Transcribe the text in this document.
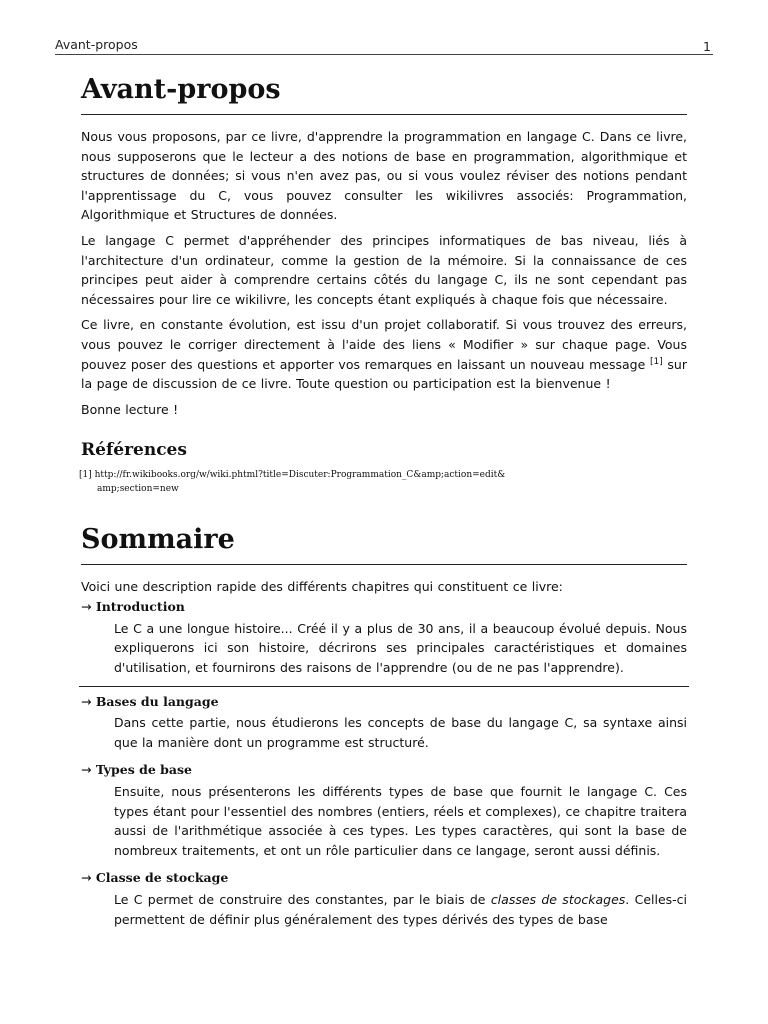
Avant-propos	1
Avant-propos

Nous vous proposons, par ce livre, d'apprendre la programmation en langage C. Dans ce livre, nous supposerons que le lecteur a des notions de base en programmation, algorithmique et structures de données; si vous n'en avez pas, ou si vous voulez réviser des notions pendant l'apprentissage du C, vous pouvez consulter les wikilivres associés: Programmation, Algorithmique et Structures de données.

Le langage C permet d'appréhender des principes informatiques de bas niveau, liés à l'architecture d'un ordinateur, comme la gestion de la mémoire. Si la connaissance de ces principes peut aider à comprendre certains côtés du langage C, ils ne sont cependant pas nécessaires pour lire ce wikilivre, les concepts étant expliqués à chaque fois que nécessaire.

Ce livre, en constante évolution, est issu d'un projet collaboratif. Si vous trouvez des erreurs, vous pouvez le corriger directement à l'aide des liens « Modifier » sur chaque page. Vous pouvez poser des questions et apporter vos remarques en laissant un nouveau message [1] sur la page de discussion de ce livre. Toute question ou participation est la bienvenue !

Bonne lecture !

Références
[1] http://fr.wikibooks.org/w/wiki.phtml?title=Discuter:Programmation_C&amp;action=edit&
amp;section=new
Sommaire

Voici une description rapide des différents chapitres qui constituent ce livre:

→ Introduction
Le C a une longue histoire... Créé il y a plus de 30 ans, il a beaucoup évolué depuis. Nous expliquerons ici son histoire, décrirons ses principales caractéristiques et domaines d'utilisation, et fournirons des raisons de l'apprendre (ou de ne pas l'apprendre).
→ Bases du langage
Dans cette partie, nous étudierons les concepts de base du langage C, sa syntaxe ainsi que la manière dont un programme est structuré.
→ Types de base
Ensuite, nous présenterons les différents types de base que fournit le langage C. Ces types étant pour l'essentiel des nombres (entiers, réels et complexes), ce chapitre traitera aussi de l'arithmétique associée à ces types. Les types caractères, qui sont la base de nombreux traitements, et ont un rôle particulier dans ce langage, seront aussi définis.
→ Classe de stockage
Le C permet de construire des constantes, par le biais de classes de stockages. Celles-ci permettent de définir plus généralement des types dérivés des types de base
